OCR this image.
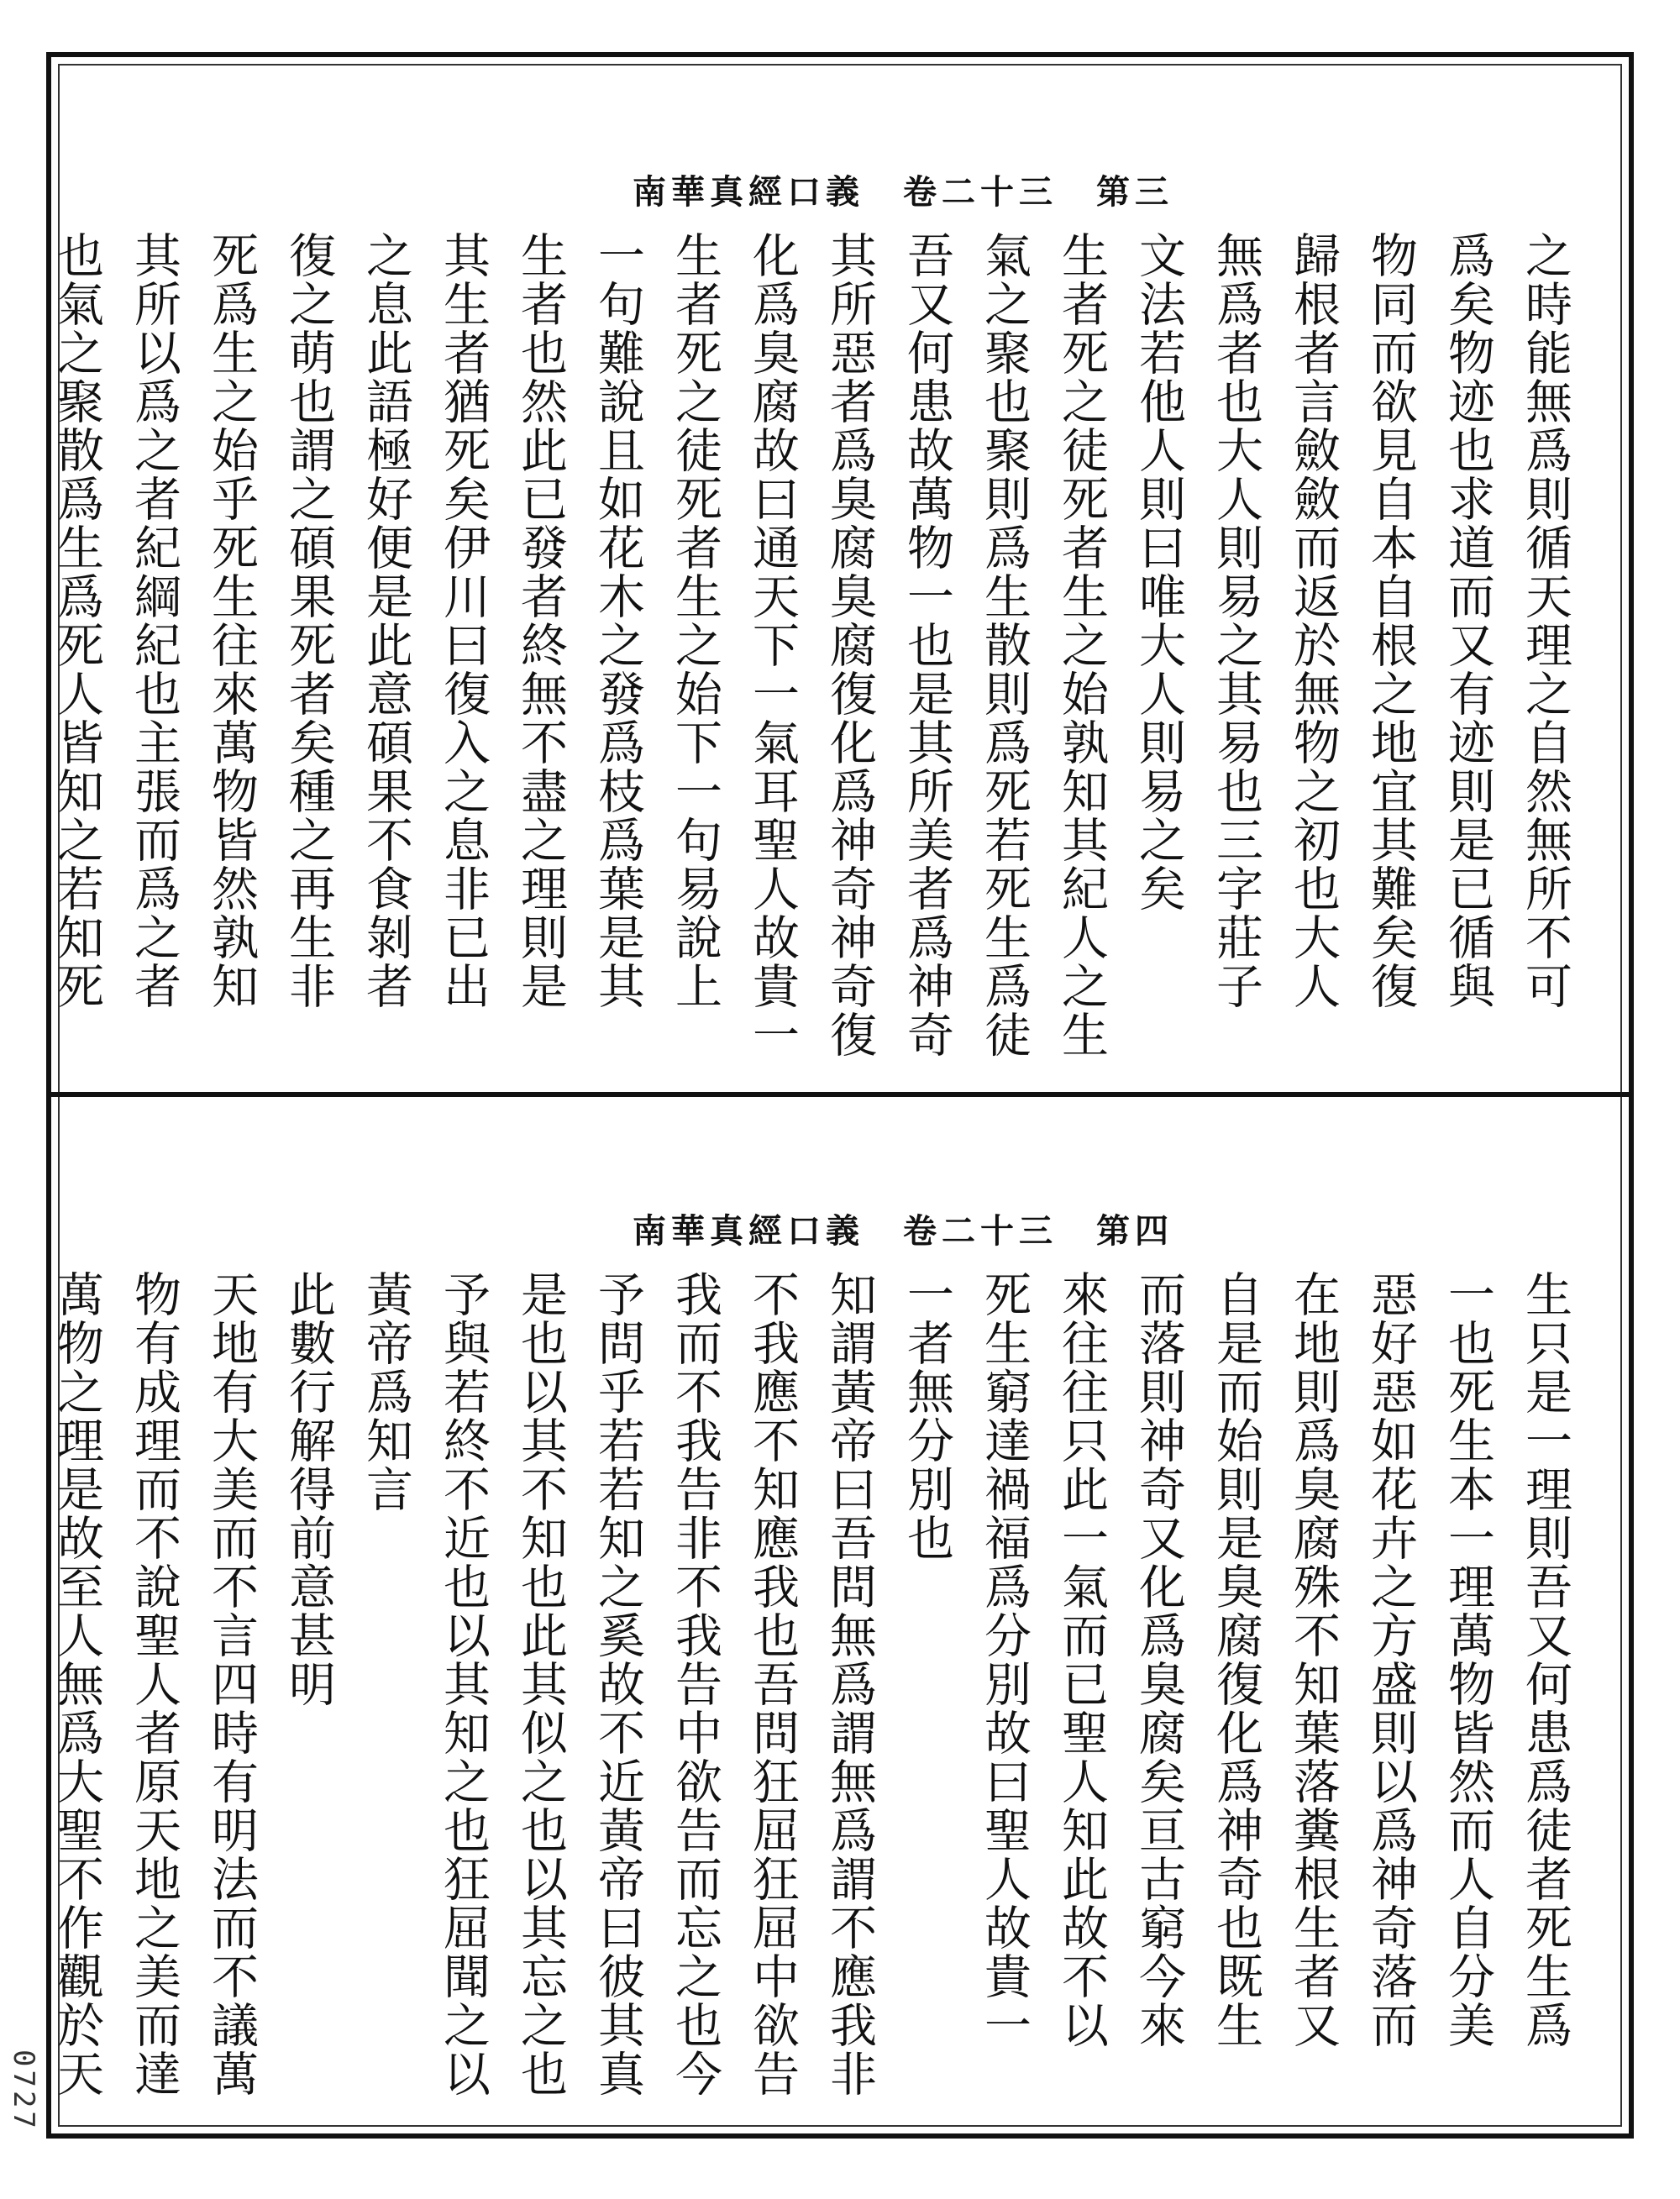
南華真經口義　卷二十三　第三
之時能無爲則循天理之自然無所不可
爲矣物迹也求道而又有迹則是已循與
物同而欲見自本自根之地宜其難矣復
歸根者言斂斂而返於無物之初也大人
無爲者也大人則易之其易也三字莊子
文法若他人則曰唯大人則易之矣
生者死之徒死者生之始孰知其紀人之生
氣之聚也聚則爲生散則爲死若死生爲徒
吾又何患故萬物一也是其所美者爲神奇
其所惡者爲臭腐臭腐復化爲神奇神奇復
化爲臭腐故曰通天下一氣耳聖人故貴一
生者死之徒死者生之始下一句易說上
一句難說且如花木之發爲枝爲葉是其
生者也然此已發者終無不盡之理則是
其生者猶死矣伊川曰復入之息非已出
之息此語極好便是此意碩果不食剝者
復之萌也謂之碩果死者矣種之再生非
死爲生之始乎死生往來萬物皆然孰知
其所以爲之者紀綱紀也主張而爲之者
也氣之聚散爲生爲死人皆知之若知死
南華真經口義　卷二十三　第四
生只是一理則吾又何患爲徒者死生爲
一也死生本一理萬物皆然而人自分美
惡好惡如花卉之方盛則以爲神奇落而
在地則爲臭腐殊不知葉落糞根生者又
自是而始則是臭腐復化爲神奇也既生
而落則神奇又化爲臭腐矣亘古窮今來
來往往只此一氣而已聖人知此故不以
死生窮達禍福爲分別故曰聖人故貴一
一者無分別也
知謂黃帝曰吾問無爲謂無爲謂不應我非
不我應不知應我也吾問狂屈狂屈中欲告
我而不我告非不我告中欲告而忘之也今
予問乎若若知之奚故不近黃帝曰彼其真
是也以其不知也此其似之也以其忘之也
予與若終不近也以其知之也狂屈聞之以
黃帝爲知言
此數行解得前意甚明
天地有大美而不言四時有明法而不議萬
物有成理而不說聖人者原天地之美而達
萬物之理是故至人無爲大聖不作觀於天
0727
